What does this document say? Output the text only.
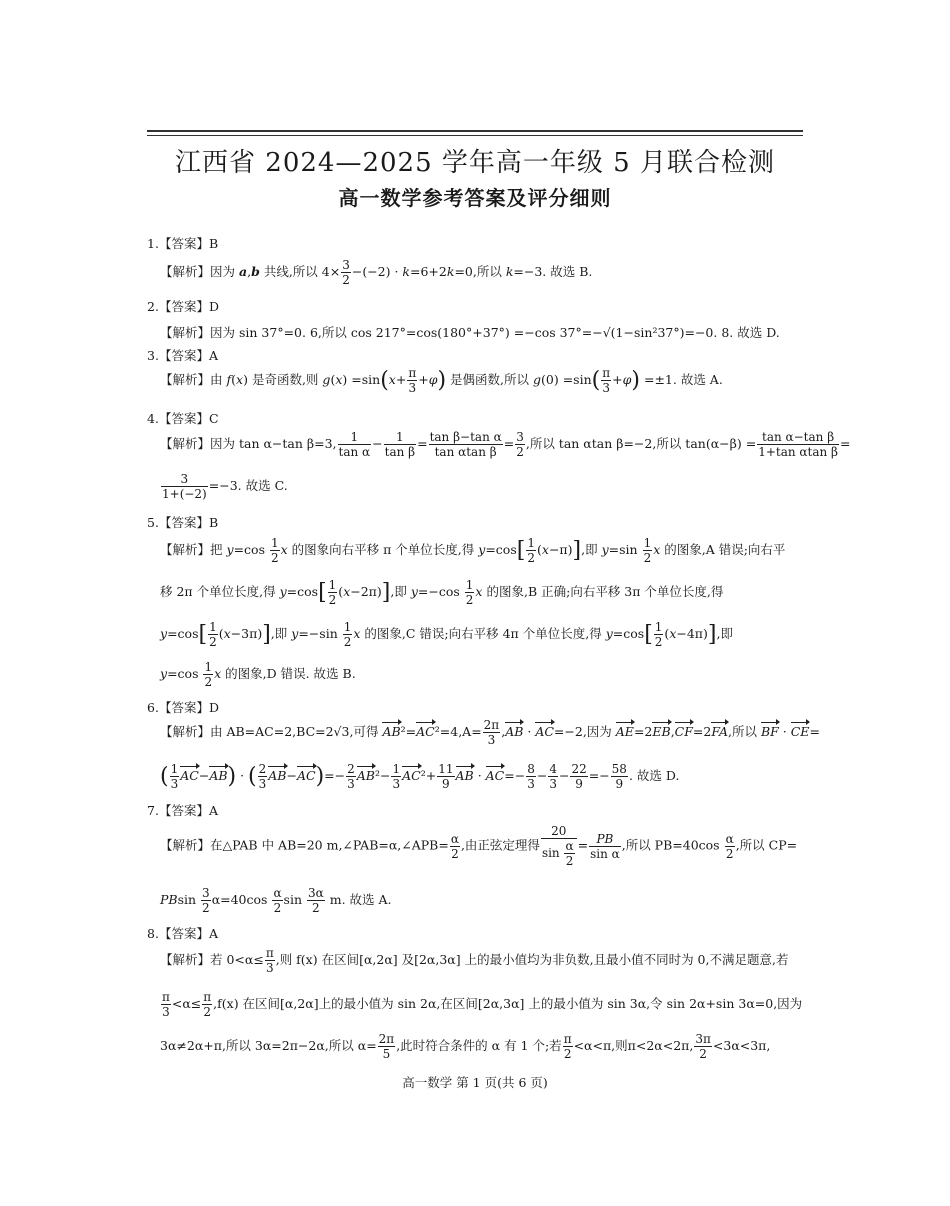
江西省 2024—2025 学年高一年级 5 月联合检测
高一数学参考答案及评分细则
1.【答案】B
【解析】因为 a,b 共线,所以 $4\times \frac{3}{2} -(-2) \cdot k=6+2k=0$,所以 k=−3. 故选 B.
2.【答案】D
【解析】因为 sin 37°=0. 6,所以 cos 217°=cos(180°+37°) =−cos 37°=−√(1−sin²37°)=−0. 8. 故选 D.
3.【答案】A
【解析】由 f(x) 是奇函数,则 $g(x) =\sin(x+ \frac{\pi}{3} +\varphi)$ 是偶函数,所以 $g(0) =\sin( \frac{\pi}{3} +\varphi) =\pm 1$. 故选 A.
4.【答案】C
【解析】因为 tan α−tan β=3, $\frac{1}{\text{tan α}} - \frac{1}{\text{tan β}} = \frac{\text{tan β−tan α}}{\text{tan αtan β}} = \frac{3}{2}$ ,所以 tan αtan β=−2,所以 $\tan(\alpha-\beta) = \frac{\text{tan α−tan β}}{\text{1+tan αtan β}}$ =
$\frac{3}{1+(-2)} =-3$. 故选 C.
5.【答案】B
【解析】把 $y=\cos \frac{1}{2}$ x 的图象向右平移 π 个单位长度,得 $y=\cos[ \frac{1}{2} (x-\pi)]$,即 $y=\sin \frac{1}{2}$ x 的图象,A 错误;向右平
移 2π 个单位长度,得 $y=\cos[ \frac{1}{2} (x-2\pi)]$,即 $y=-\cos \frac{1}{2}$ x 的图象,B 正确;向右平移 3π 个单位长度,得
$y=\cos[ \frac{1}{2} (x-3\pi)]$,即 $y=-\sin \frac{1}{2}$ x 的图象,C 错误;向右平移 4π 个单位长度,得 $y=\cos[ \frac{1}{2} (x-4\pi)]$,即
$y=\cos \frac{1}{2}$ x 的图象,D 错误. 故选 B.
6.【答案】D
【解析】由 AB=AC=2,BC=2√3,可得 $AB^2=AC^2=4,A= \frac{2\pi}{3} ,AB \cdot AC=-2$,因为 AE=2EB,CF=2FA,所以 BF · CE=
( $\frac{1}{3} AC-AB$) · ( $\frac{2}{3} AB-AC)=- \frac{2}{3} AB^2- \frac{1}{3} AC^2+ \frac{11}{9}$ AB · $AC=- \frac{8}{3} - \frac{4}{3} - \frac{22}{9} =- \frac{58}{9}$ . 故选 D.
7.【答案】A
【解析】在△PAB 中 AB=20 m,∠PAB=α,∠APB= $\frac{\alpha}{2}$ ,由正弦定理得 $\frac{20}{\sin \frac{\alpha}{2}} = \frac{PB}{\text{sin α}}$ ,所以 $PB=40\cos \frac{\alpha}{2}$ ,所以 CP=
PBsin $\frac{3}{2} \alpha=40\cos \frac{\alpha}{2}$ $\sin \frac{3\alpha}{2} m$. 故选 A.
8.【答案】A
【解析】若 $0<\alpha\le \frac{\pi}{3}$ ,则 f(x) 在区间[α,2α] 及[2α,3α] 上的最小值均为非负数,且最小值不同时为 0,不满足题意,若
$\frac{\pi}{3} <\alpha\le \frac{\pi}{2} ,f(x)$ 在区间[α,2α]上的最小值为 sin 2α,在区间[2α,3α] 上的最小值为 sin 3α,令 sin 2α+sin 3α=0,因为
3α≠2α+π,所以 3α=2π−2α,所以 $\alpha= \frac{2\pi}{5}$ ,此时符合条件的 α 有 1 个;若 $\frac{\pi}{2} <\alpha<\pi$,则π<2α<2π, $\frac{3\pi}{2} <3\alpha<3\pi$,
高一数学 第 1 页(共 6 页)
